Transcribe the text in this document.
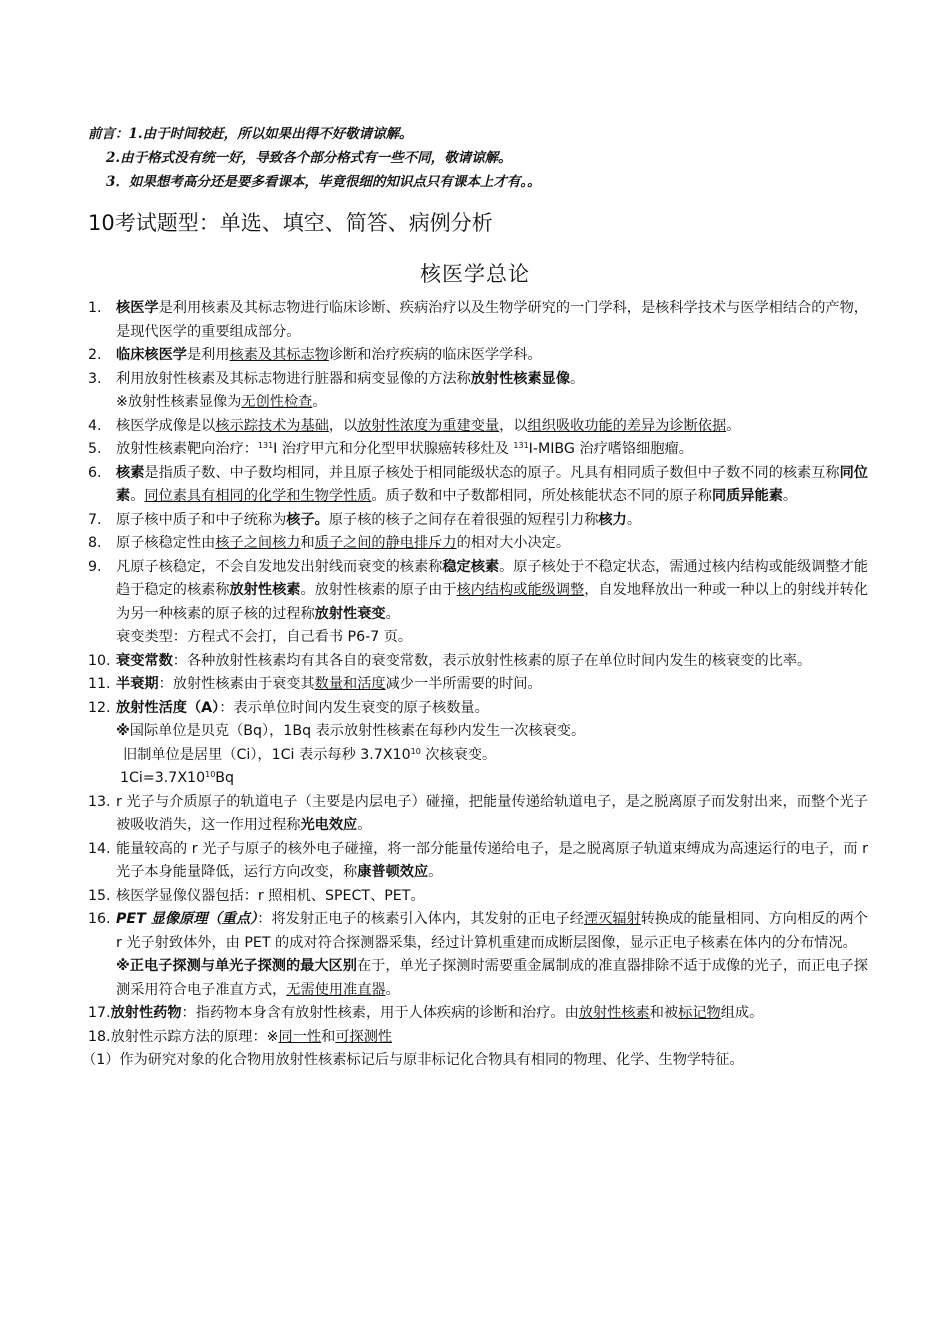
前言：1.由于时间较赶，所以如果出得不好敬请谅解。
2.由于格式没有统一好，导致各个部分格式有一些不同，敬请谅解。
3．如果想考高分还是要多看课本，毕竟很细的知识点只有课本上才有。。
10考试题型：单选、填空、简答、病例分析
核医学总论
1. 核医学是利用核素及其标志物进行临床诊断、疾病治疗以及生物学研究的一门学科，是核科学技术与医学相结合的产物，是现代医学的重要组成部分。
2. 临床核医学是利用核素及其标志物诊断和治疗疾病的临床医学学科。
3. 利用放射性核素及其标志物进行脏器和病变显像的方法称放射性核素显像。
※放射性核素显像为无创性检查。
4. 核医学成像是以核示踪技术为基础，以放射性浓度为重建变量，以组织吸收功能的差异为诊断依据。
5. 放射性核素靶向治疗：$^{131}$I 治疗甲亢和分化型甲状腺癌转移灶及 $^{131}$I-MIBG 治疗嗜铬细胞瘤。
6. 核素是指质子数、中子数均相同，并且原子核处于相同能级状态的原子。凡具有相同质子数但中子数不同的核素互称同位素。同位素具有相同的化学和生物学性质。质子数和中子数都相同，所处核能状态不同的原子称同质异能素。
7. 原子核中质子和中子统称为核子。原子核的核子之间存在着很强的短程引力称核力。
8. 原子核稳定性由核子之间核力和质子之间的静电排斥力的相对大小决定。
9. 凡原子核稳定，不会自发地发出射线而衰变的核素称稳定核素。原子核处于不稳定状态，需通过核内结构或能级调整才能趋于稳定的核素称放射性核素。放射性核素的原子由于核内结构或能级调整，自发地释放出一种或一种以上的射线并转化为另一种核素的原子核的过程称放射性衰变。
衰变类型：方程式不会打，自己看书 P6-7 页。
10. 衰变常数：各种放射性核素均有其各自的衰变常数，表示放射性核素的原子在单位时间内发生的核衰变的比率。
11. 半衰期：放射性核素由于衰变其数量和活度减少一半所需要的时间。
12. 放射性活度（A）：表示单位时间内发生衰变的原子核数量。
※国际单位是贝克（Bq），1Bq 表示放射性核素在每秒内发生一次核衰变。
旧制单位是居里（Ci），1Ci 表示每秒 $3.7X10^{10}$ 次核衰变。
$1Ci=3.7X10^{10}Bq$
13. r 光子与介质原子的轨道电子（主要是内层电子）碰撞，把能量传递给轨道电子，是之脱离原子而发射出来，而整个光子被吸收消失，这一作用过程称光电效应。
14. 能量较高的 r 光子与原子的核外电子碰撞，将一部分能量传递给电子，是之脱离原子轨道束缚成为高速运行的电子，而 r 光子本身能量降低，运行方向改变，称康普顿效应。
15. 核医学显像仪器包括：r 照相机、SPECT、PET。
16. PET 显像原理（重点）：将发射正电子的核素引入体内，其发射的正电子经湮灭辐射转换成的能量相同、方向相反的两个 r 光子射致体外，由 PET 的成对符合探测器采集，经过计算机重建而成断层图像，显示正电子核素在体内的分布情况。
※正电子探测与单光子探测的最大区别在于，单光子探测时需要重金属制成的准直器排除不适于成像的光子，而正电子探测采用符合电子准直方式，无需使用准直器。
17.放射性药物：指药物本身含有放射性核素，用于人体疾病的诊断和治疗。由放射性核素和被标记物组成。
18.放射性示踪方法的原理：※同一性和可探测性
（1）作为研究对象的化合物用放射性核素标记后与原非标记化合物具有相同的物理、化学、生物学特征。
